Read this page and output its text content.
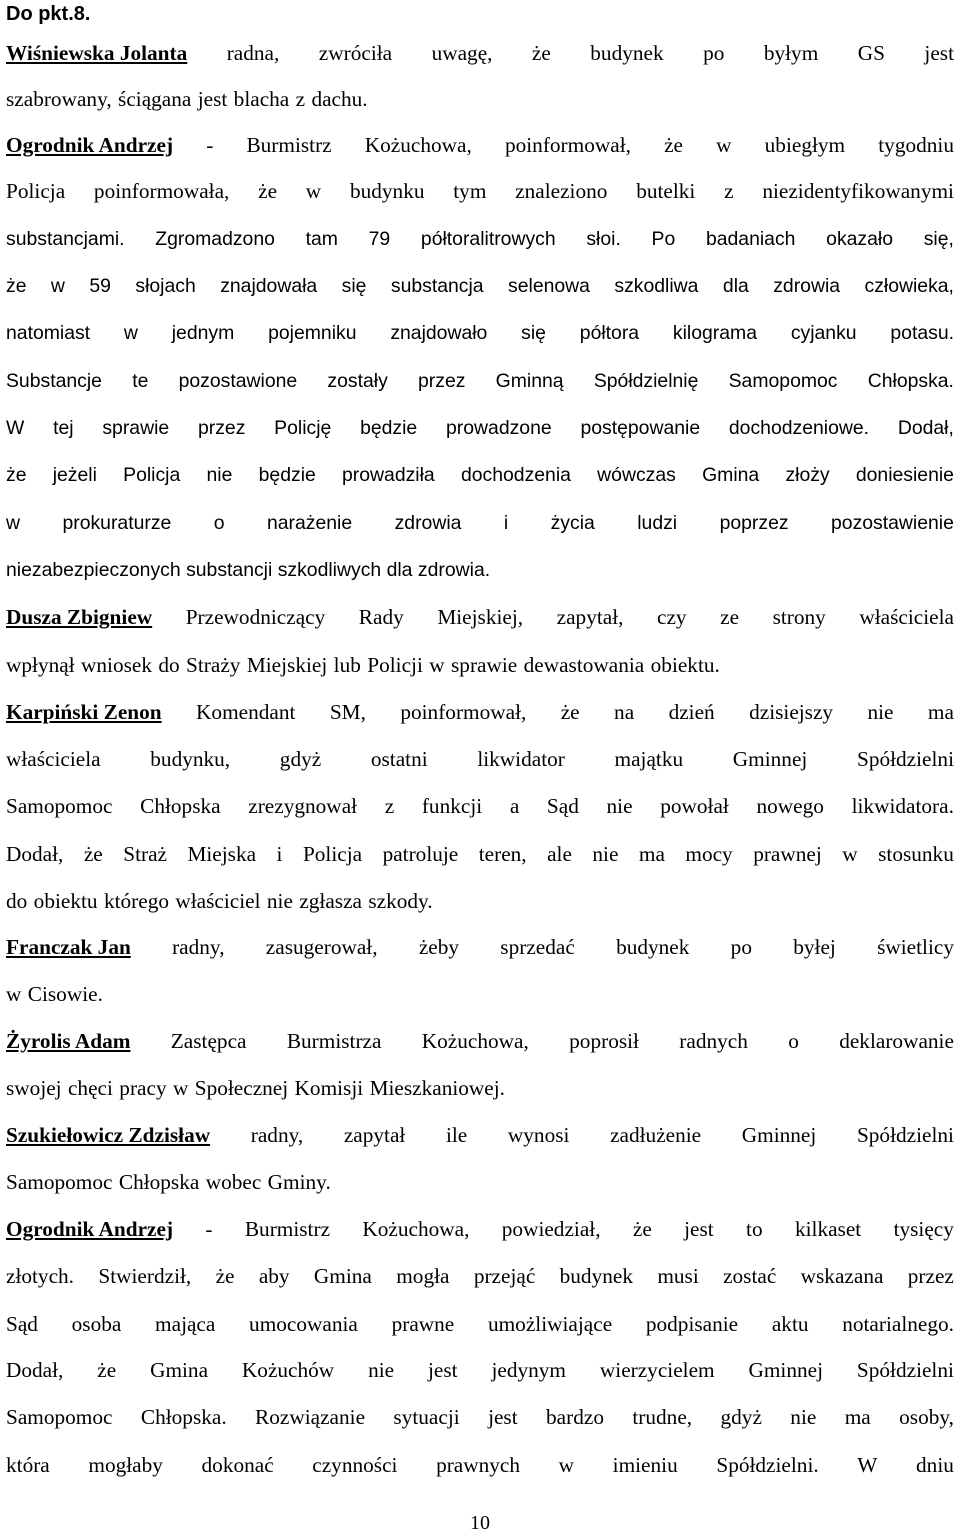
Do pkt.8.
Wiśniewska Jolanta radna, zwróciła uwagę, że budynek po byłym GS jest
szabrowany, ściągana jest blacha z dachu.
Ogrodnik Andrzej - Burmistrz Kożuchowa, poinformował, że w ubiegłym tygodniu
Policja poinformowała, że w budynku tym znaleziono butelki z niezidentyfikowanymi
substancjami. Zgromadzono tam 79 półtoralitrowych słoi. Po badaniach okazało się,
że w 59 słojach znajdowała się substancja selenowa szkodliwa dla zdrowia człowieka,
natomiast w jednym pojemniku znajdowało się półtora kilograma cyjanku potasu.
Substancje te pozostawione zostały przez Gminną Spółdzielnię Samopomoc Chłopska.
W tej sprawie przez Policję będzie prowadzone postępowanie dochodzeniowe. Dodał,
że jeżeli Policja nie będzie prowadziła dochodzenia wówczas Gmina złoży doniesienie
w prokuraturze o narażenie zdrowia i życia ludzi poprzez pozostawienie
niezabezpieczonych substancji szkodliwych dla zdrowia.
Dusza Zbigniew Przewodniczący Rady Miejskiej, zapytał, czy ze strony właściciela
wpłynął wniosek do Straży Miejskiej lub Policji w sprawie dewastowania obiektu.
Karpiński Zenon Komendant SM, poinformował, że na dzień dzisiejszy nie ma
właściciela budynku, gdyż ostatni likwidator majątku Gminnej Spółdzielni
Samopomoc Chłopska zrezygnował z funkcji a Sąd nie powołał nowego likwidatora.
Dodał, że Straż Miejska i Policja patroluje teren, ale nie ma mocy prawnej w stosunku
do obiektu którego właściciel nie zgłasza szkody.
Franczak Jan radny, zasugerował, żeby sprzedać budynek po byłej świetlicy
w Cisowie.
Żyrolis Adam Zastępca Burmistrza Kożuchowa, poprosił radnych o deklarowanie
swojej chęci pracy w Społecznej Komisji Mieszkaniowej.
Szukiełowicz Zdzisław radny, zapytał ile wynosi zadłużenie Gminnej Spółdzielni
Samopomoc Chłopska wobec Gminy.
Ogrodnik Andrzej - Burmistrz Kożuchowa, powiedział, że jest to kilkaset tysięcy
złotych. Stwierdził, że aby Gmina mogła przejąć budynek musi zostać wskazana przez
Sąd osoba mająca umocowania prawne umożliwiające podpisanie aktu notarialnego.
Dodał, że Gmina Kożuchów nie jest jedynym wierzycielem Gminnej Spółdzielni
Samopomoc Chłopska. Rozwiązanie sytuacji jest bardzo trudne, gdyż nie ma osoby,
która mogłaby dokonać czynności prawnych w imieniu Spółdzielni. W dniu
10
